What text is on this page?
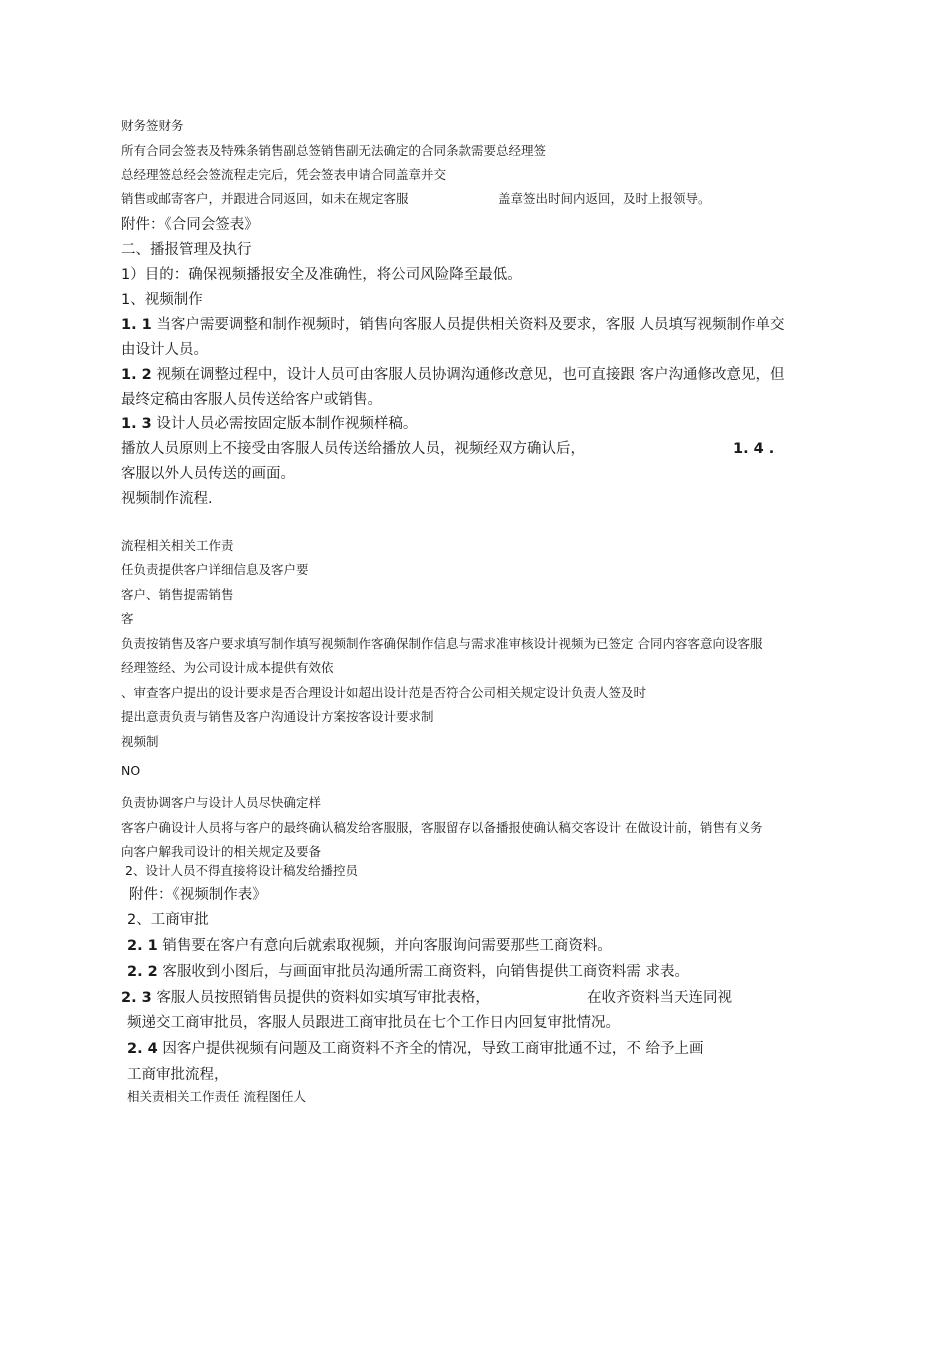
财务签财务

所有合同会签表及特殊条销售副总签销售副无法确定的合同条款需要总经理签

总经理签总经会签流程走完后，凭会签表申请合同盖章并交

销售或邮寄客户，并跟进合同返回，如未在规定客服	盖章签出时间内返回，及时上报领导。

附件：《合同会签表》

二、播报管理及执行

1）目的：确保视频播报安全及准确性，将公司风险降至最低。

1、视频制作

1. 1 当客户需要调整和制作视频时，销售向客服人员提供相关资料及要求，客服 人员填写视频制作单交

由设计人员。

1. 2 视频在调整过程中，设计人员可由客服人员协调沟通修改意见，也可直接跟 客户沟通修改意见，但

最终定稿由客服人员传送给客户或销售。

1. 3 设计人员必需按固定版本制作视频样稿。

播放人员原则上不接受由客服人员传送给播放人员，视频经双方确认后，	1. 4 .

客服以外人员传送的画面。

视频制作流程.

流程相关相关工作责

任负责提供客户详细信息及客户要

客户、销售提需销售

客

负责按销售及客户要求填写制作填写视频制作客确保制作信息与需求准审核设计视频为已签定 合同内容客意向设客服

经理签经、为公司设计成本提供有效依

、审查客户提出的设计要求是否合理设计如超出设计范是否符合公司相关规定设计负责人签及时

提出意责负责与销售及客户沟通设计方案按客设计要求制

视频制

NO

负责协调客户与设计人员尽快确定样

客客户确设计人员将与客户的最终确认稿发给客服服，客服留存以备播报使确认稿交客设计 在做设计前，销售有义务

向客户解我司设计的相关规定及要备

2、设计人员不得直接将设计稿发给播控员

附件：《视频制作表》

2、工商审批

2. 1 销售要在客户有意向后就索取视频，并向客服询问需要那些工商资料。

2. 2 客服收到小图后，与画面审批员沟通所需工商资料，向销售提供工商资料需 求表。

2. 3 客服人员按照销售员提供的资料如实填写审批表格，	在收齐资料当天连同视

频递交工商审批员，客服人员跟进工商审批员在七个工作日内回复审批情况。

2. 4 因客户提供视频有问题及工商资料不齐全的情况，导致工商审批通不过，不 给予上画

工商审批流程，

相关责相关工作责任 流程图任人
